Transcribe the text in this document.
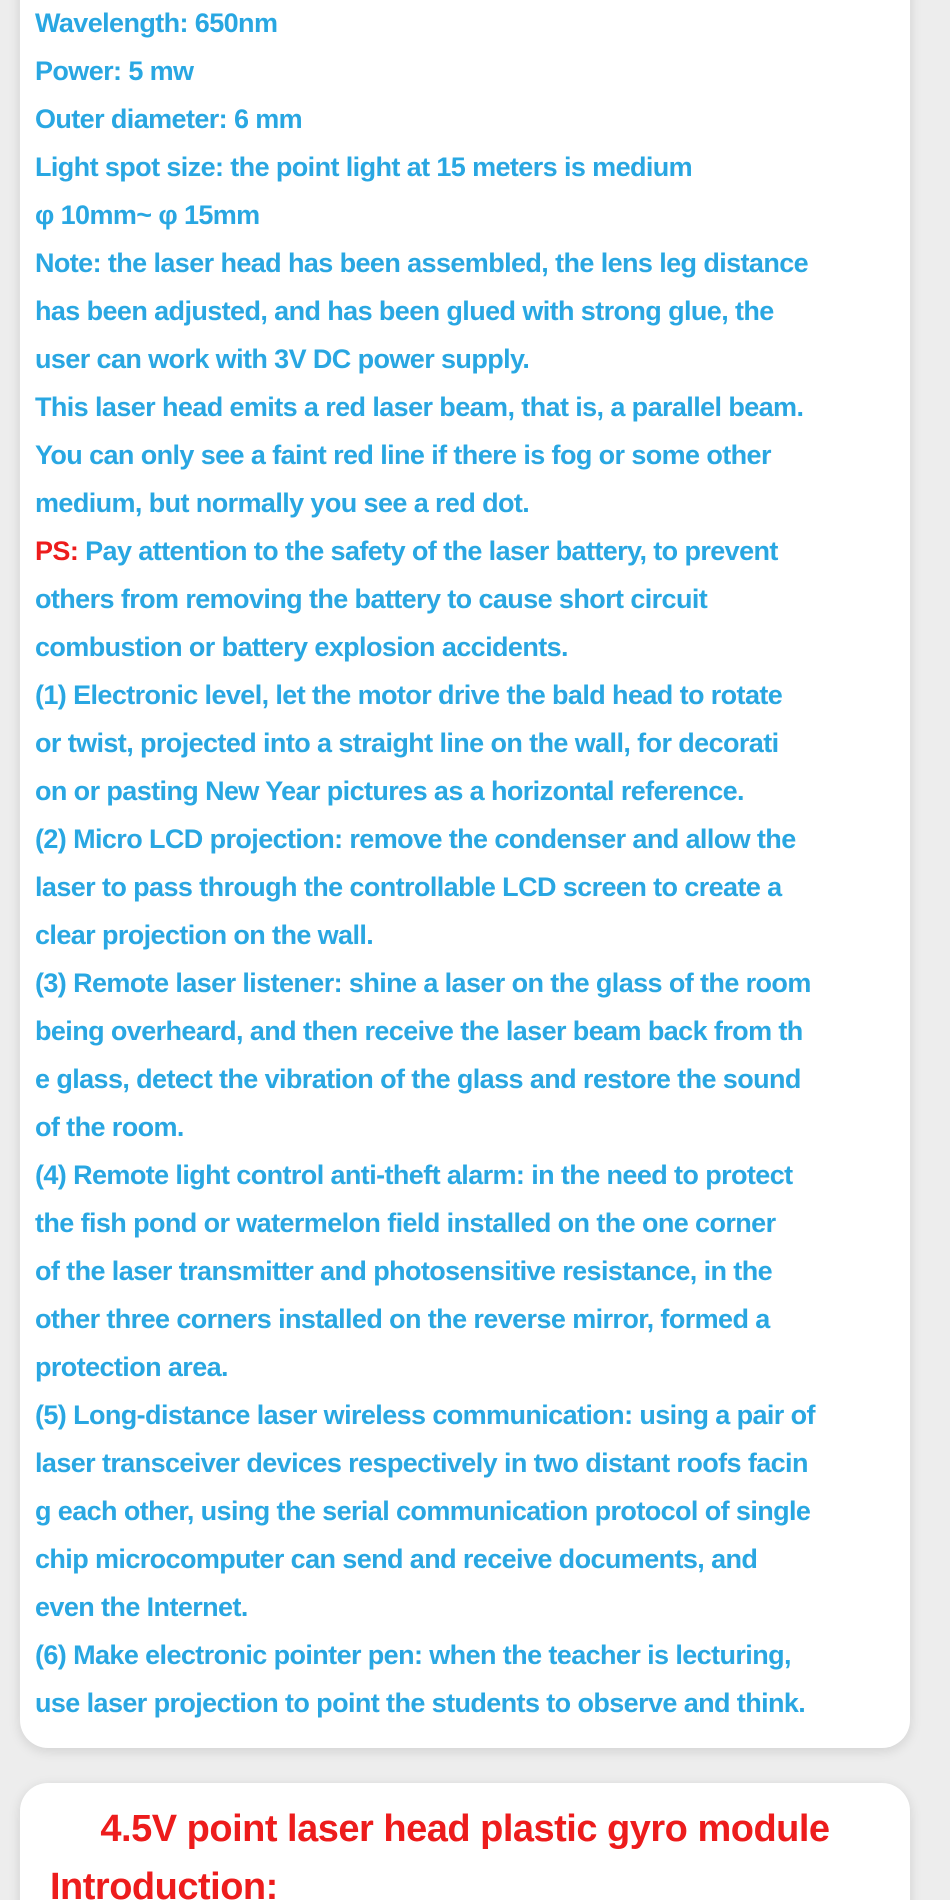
Wavelength: 650nm
Power: 5 mw
Outer diameter: 6 mm
Light spot size: the point light at 15 meters is medium
φ 10mm~ φ 15mm
Note: the laser head has been assembled, the lens leg distance
has been adjusted, and has been glued with strong glue, the
user can work with 3V DC power supply.
This laser head emits a red laser beam, that is, a parallel beam.
You can only see a faint red line if there is fog or some other
medium, but normally you see a red dot.
PS: Pay attention to the safety of the laser battery, to prevent
others from removing the battery to cause short circuit
combustion or battery explosion accidents.
(1) Electronic level, let the motor drive the bald head to rotate
or twist, projected into a straight line on the wall, for decorati
on or pasting New Year pictures as a horizontal reference.
(2) Micro LCD projection: remove the condenser and allow the
laser to pass through the controllable LCD screen to create a
clear projection on the wall.
(3) Remote laser listener: shine a laser on the glass of the room
being overheard, and then receive the laser beam back from th
e glass, detect the vibration of the glass and restore the sound
of the room.
(4) Remote light control anti-theft alarm: in the need to protect
the fish pond or watermelon field installed on the one corner
of the laser transmitter and photosensitive resistance, in the
other three corners installed on the reverse mirror, formed a
protection area.
(5) Long-distance laser wireless communication: using a pair of
laser transceiver devices respectively in two distant roofs facin
g each other, using the serial communication protocol of single
chip microcomputer can send and receive documents, and
even the Internet.
(6) Make electronic pointer pen: when the teacher is lecturing,
use laser projection to point the students to observe and think.
4.5V point laser head plastic gyro module
Introduction:
